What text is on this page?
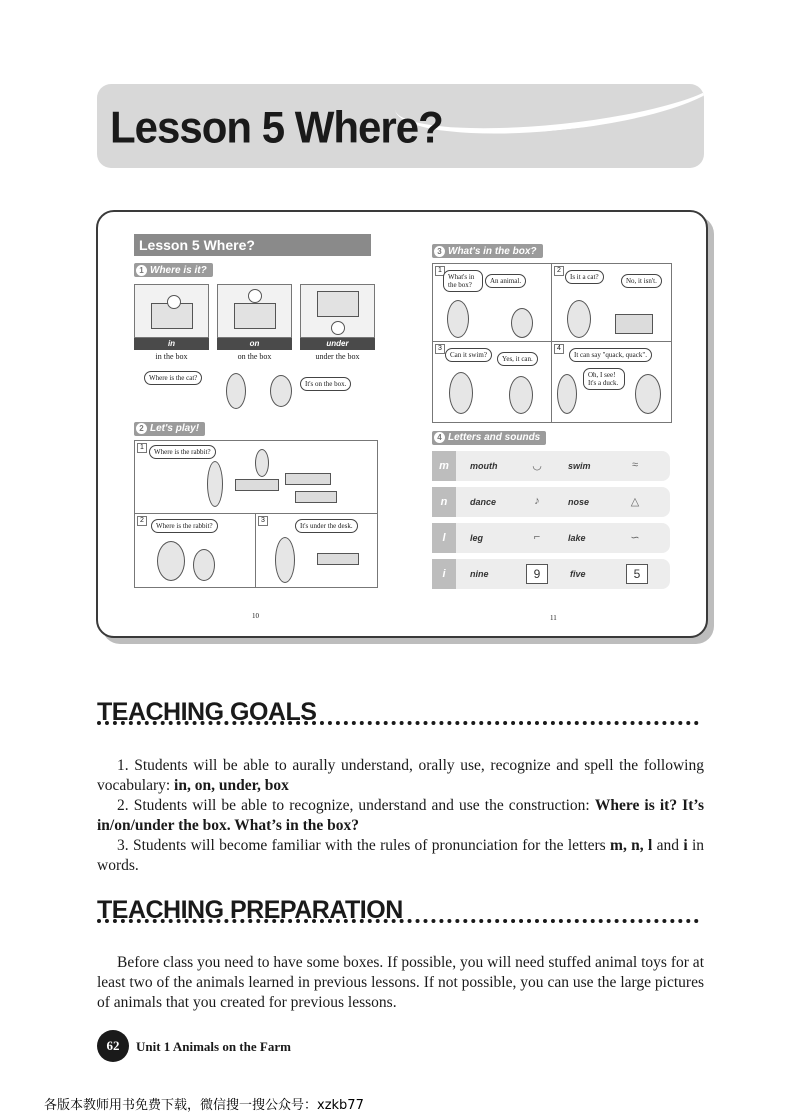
Lesson 5 Where?
Lesson 5 Where?
1 Where is it?
in
in the box
on
on the box
under
under the box
Where is the cat?
It's on the box.
2 Let's play!
1
Where is the rabbit?
2
Where is the rabbit?
3
It's under the desk.
10
3 What's in the box?
1
What's in the box?	An animal.
2
Is it a cat?	No, it isn't.
3
Can it swim?	Yes, it can.	It can say "quack, quack".
Oh, I see! It's a duck.
4
4 Letters and sounds
m	mouth	◡	swim	≈
n	dance	♪	nose	△
l	leg	⌐	lake	∽
i	nine	9	five	5
11
TEACHING GOALS

1. Students will be able to aurally understand, orally use, recognize and spell the following vocabulary: in, on, under, box

2. Students will be able to recognize, understand and use the construction: Where is it? It’s in/on/under the box. What’s in the box?

3. Students will become familiar with the rules of pronunciation for the letters m, n, l and i in words.

TEACHING PREPARATION

Before class you need to have some boxes. If possible, you will need stuffed animal toys for at least two of the animals learned in previous lessons. If not possible, you can use the large pictures of animals that you created for previous lessons.

62	Unit 1 Animals on the Farm
各版本教师用书免费下载，微信搜一搜公众号：xzkb77
